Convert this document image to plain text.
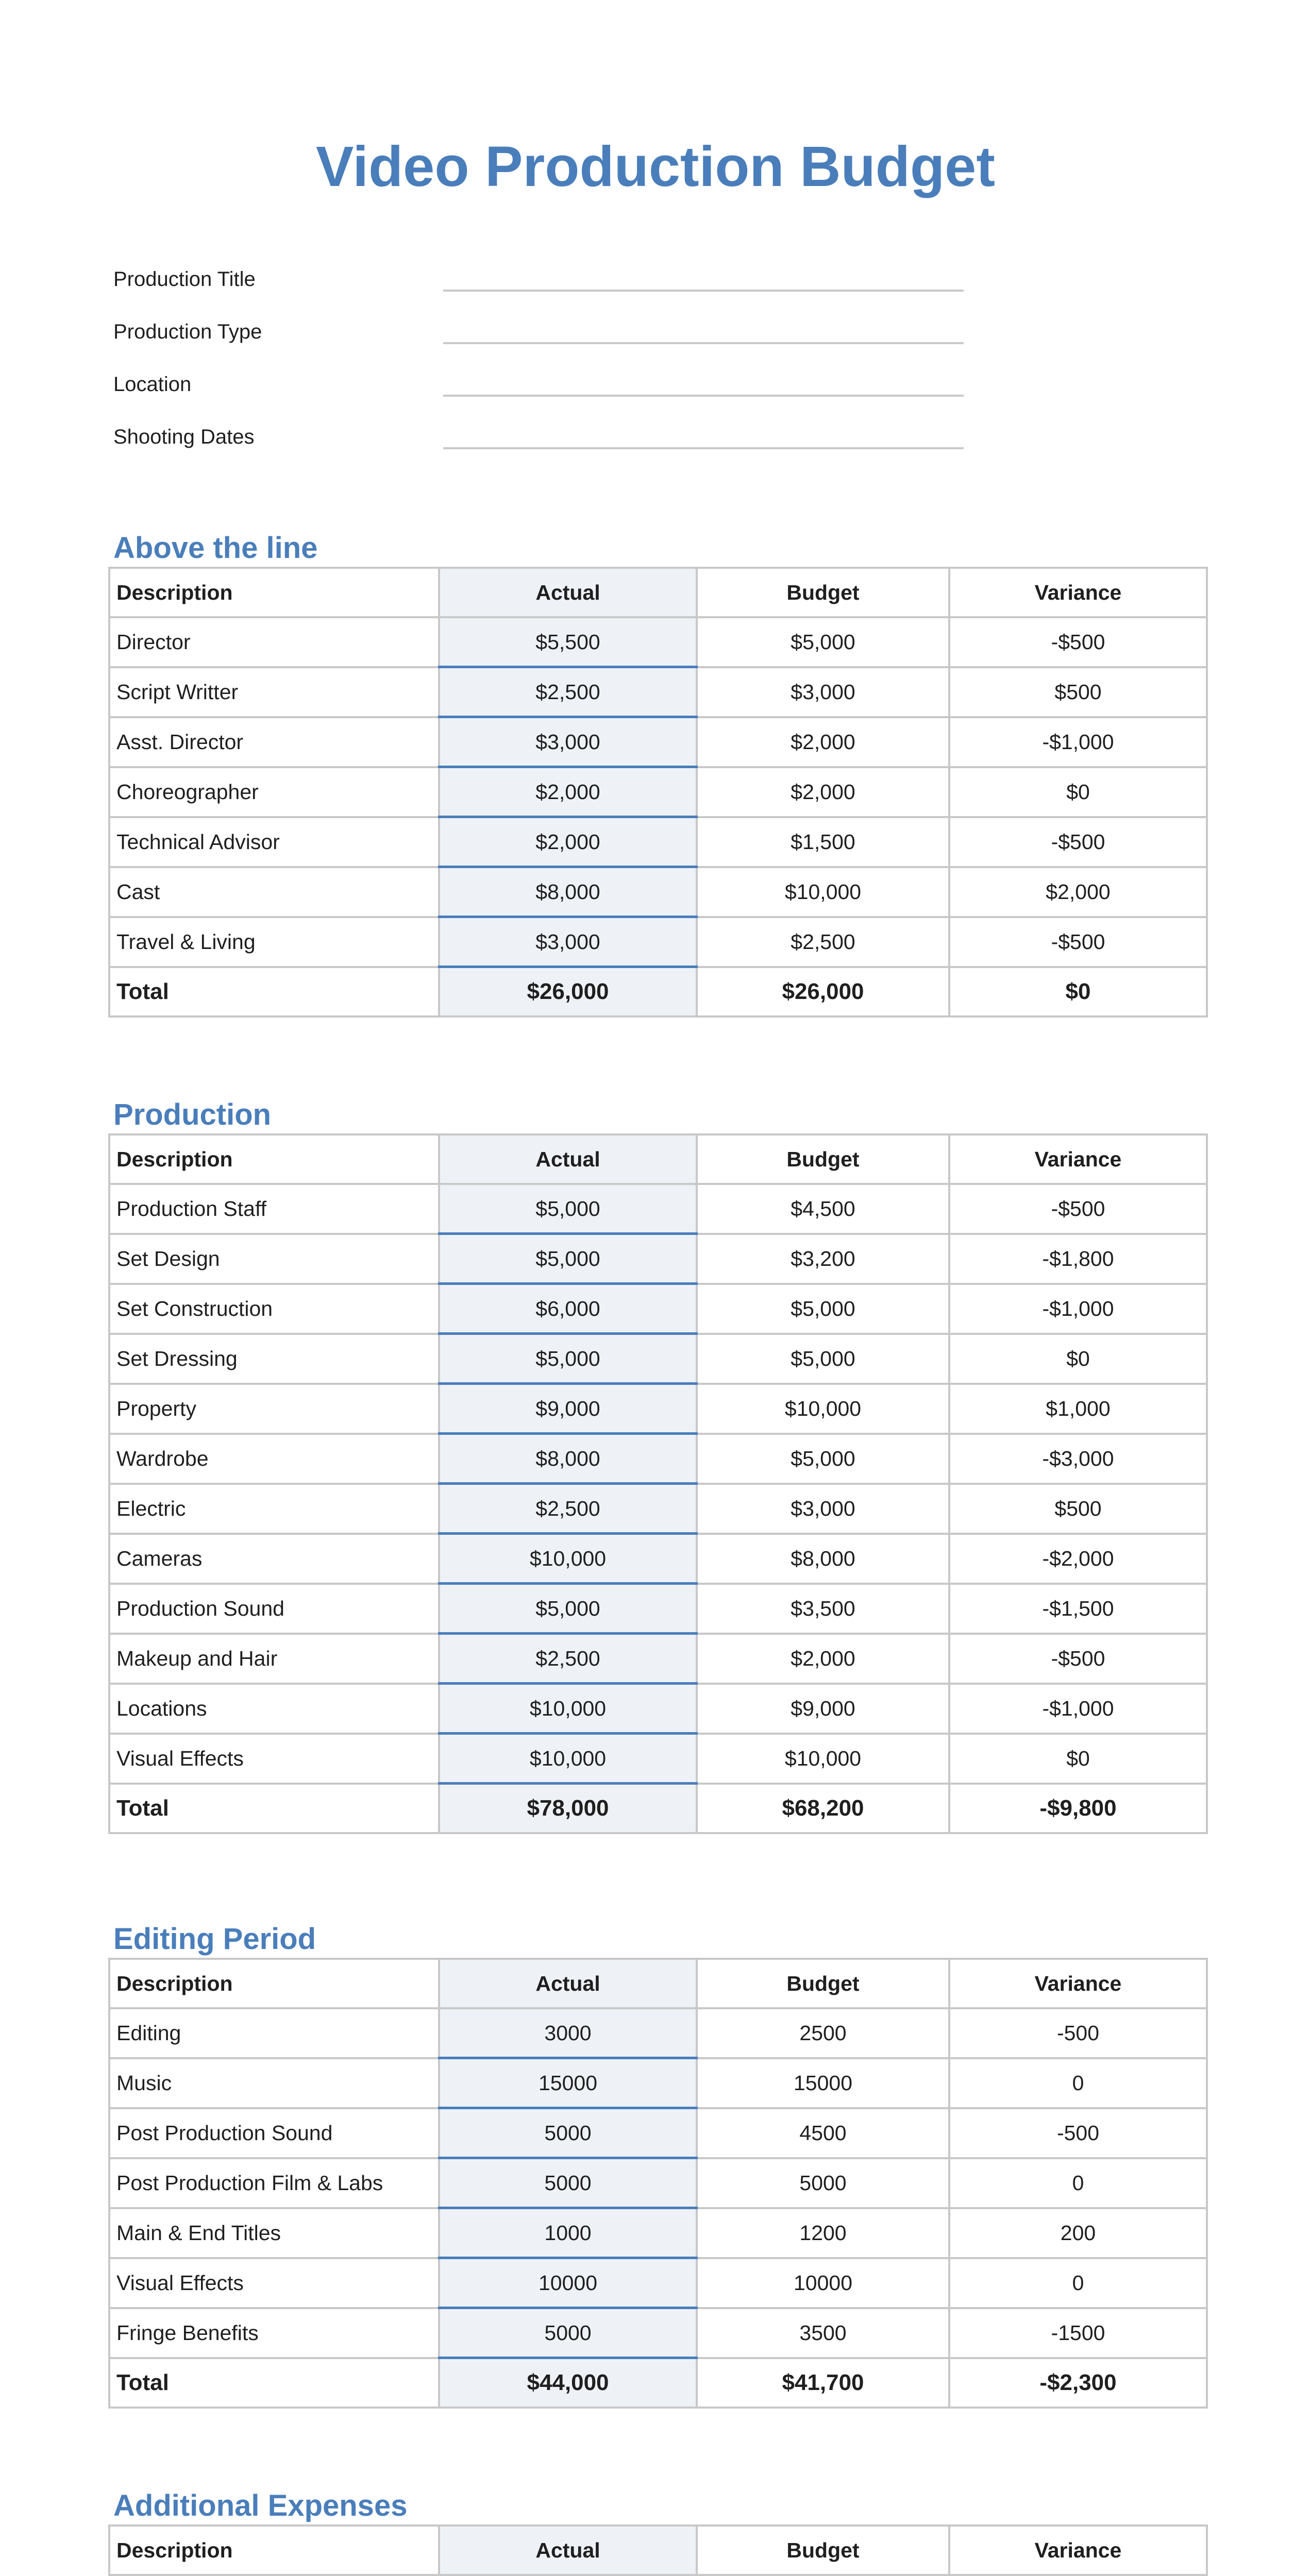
Video Production Budget
Production Title
Production Type
Location
Shooting Dates
Above the line
Description	Actual	Budget	Variance
Director	$5,500	$5,000	-$500
Script Writter	$2,500	$3,000	$500
Asst. Director	$3,000	$2,000	-$1,000
Choreographer	$2,000	$2,000	$0
Technical Advisor	$2,000	$1,500	-$500
Cast	$8,000	$10,000	$2,000
Travel & Living	$3,000	$2,500	-$500
Total	$26,000	$26,000	$0
Production
Description	Actual	Budget	Variance
Production Staff	$5,000	$4,500	-$500
Set Design	$5,000	$3,200	-$1,800
Set Construction	$6,000	$5,000	-$1,000
Set Dressing	$5,000	$5,000	$0
Property	$9,000	$10,000	$1,000
Wardrobe	$8,000	$5,000	-$3,000
Electric	$2,500	$3,000	$500
Cameras	$10,000	$8,000	-$2,000
Production Sound	$5,000	$3,500	-$1,500
Makeup and Hair	$2,500	$2,000	-$500
Locations	$10,000	$9,000	-$1,000
Visual Effects	$10,000	$10,000	$0
Total	$78,000	$68,200	-$9,800
Editing Period
Description	Actual	Budget	Variance
Editing	3000	2500	-500
Music	15000	15000	0
Post Production Sound	5000	4500	-500
Post Production Film & Labs	5000	5000	0
Main & End Titles	1000	1200	200
Visual Effects	10000	10000	0
Fringe Benefits	5000	3500	-1500
Total	$44,000	$41,700	-$2,300
Additional Expenses
Description	Actual	Budget	Variance
